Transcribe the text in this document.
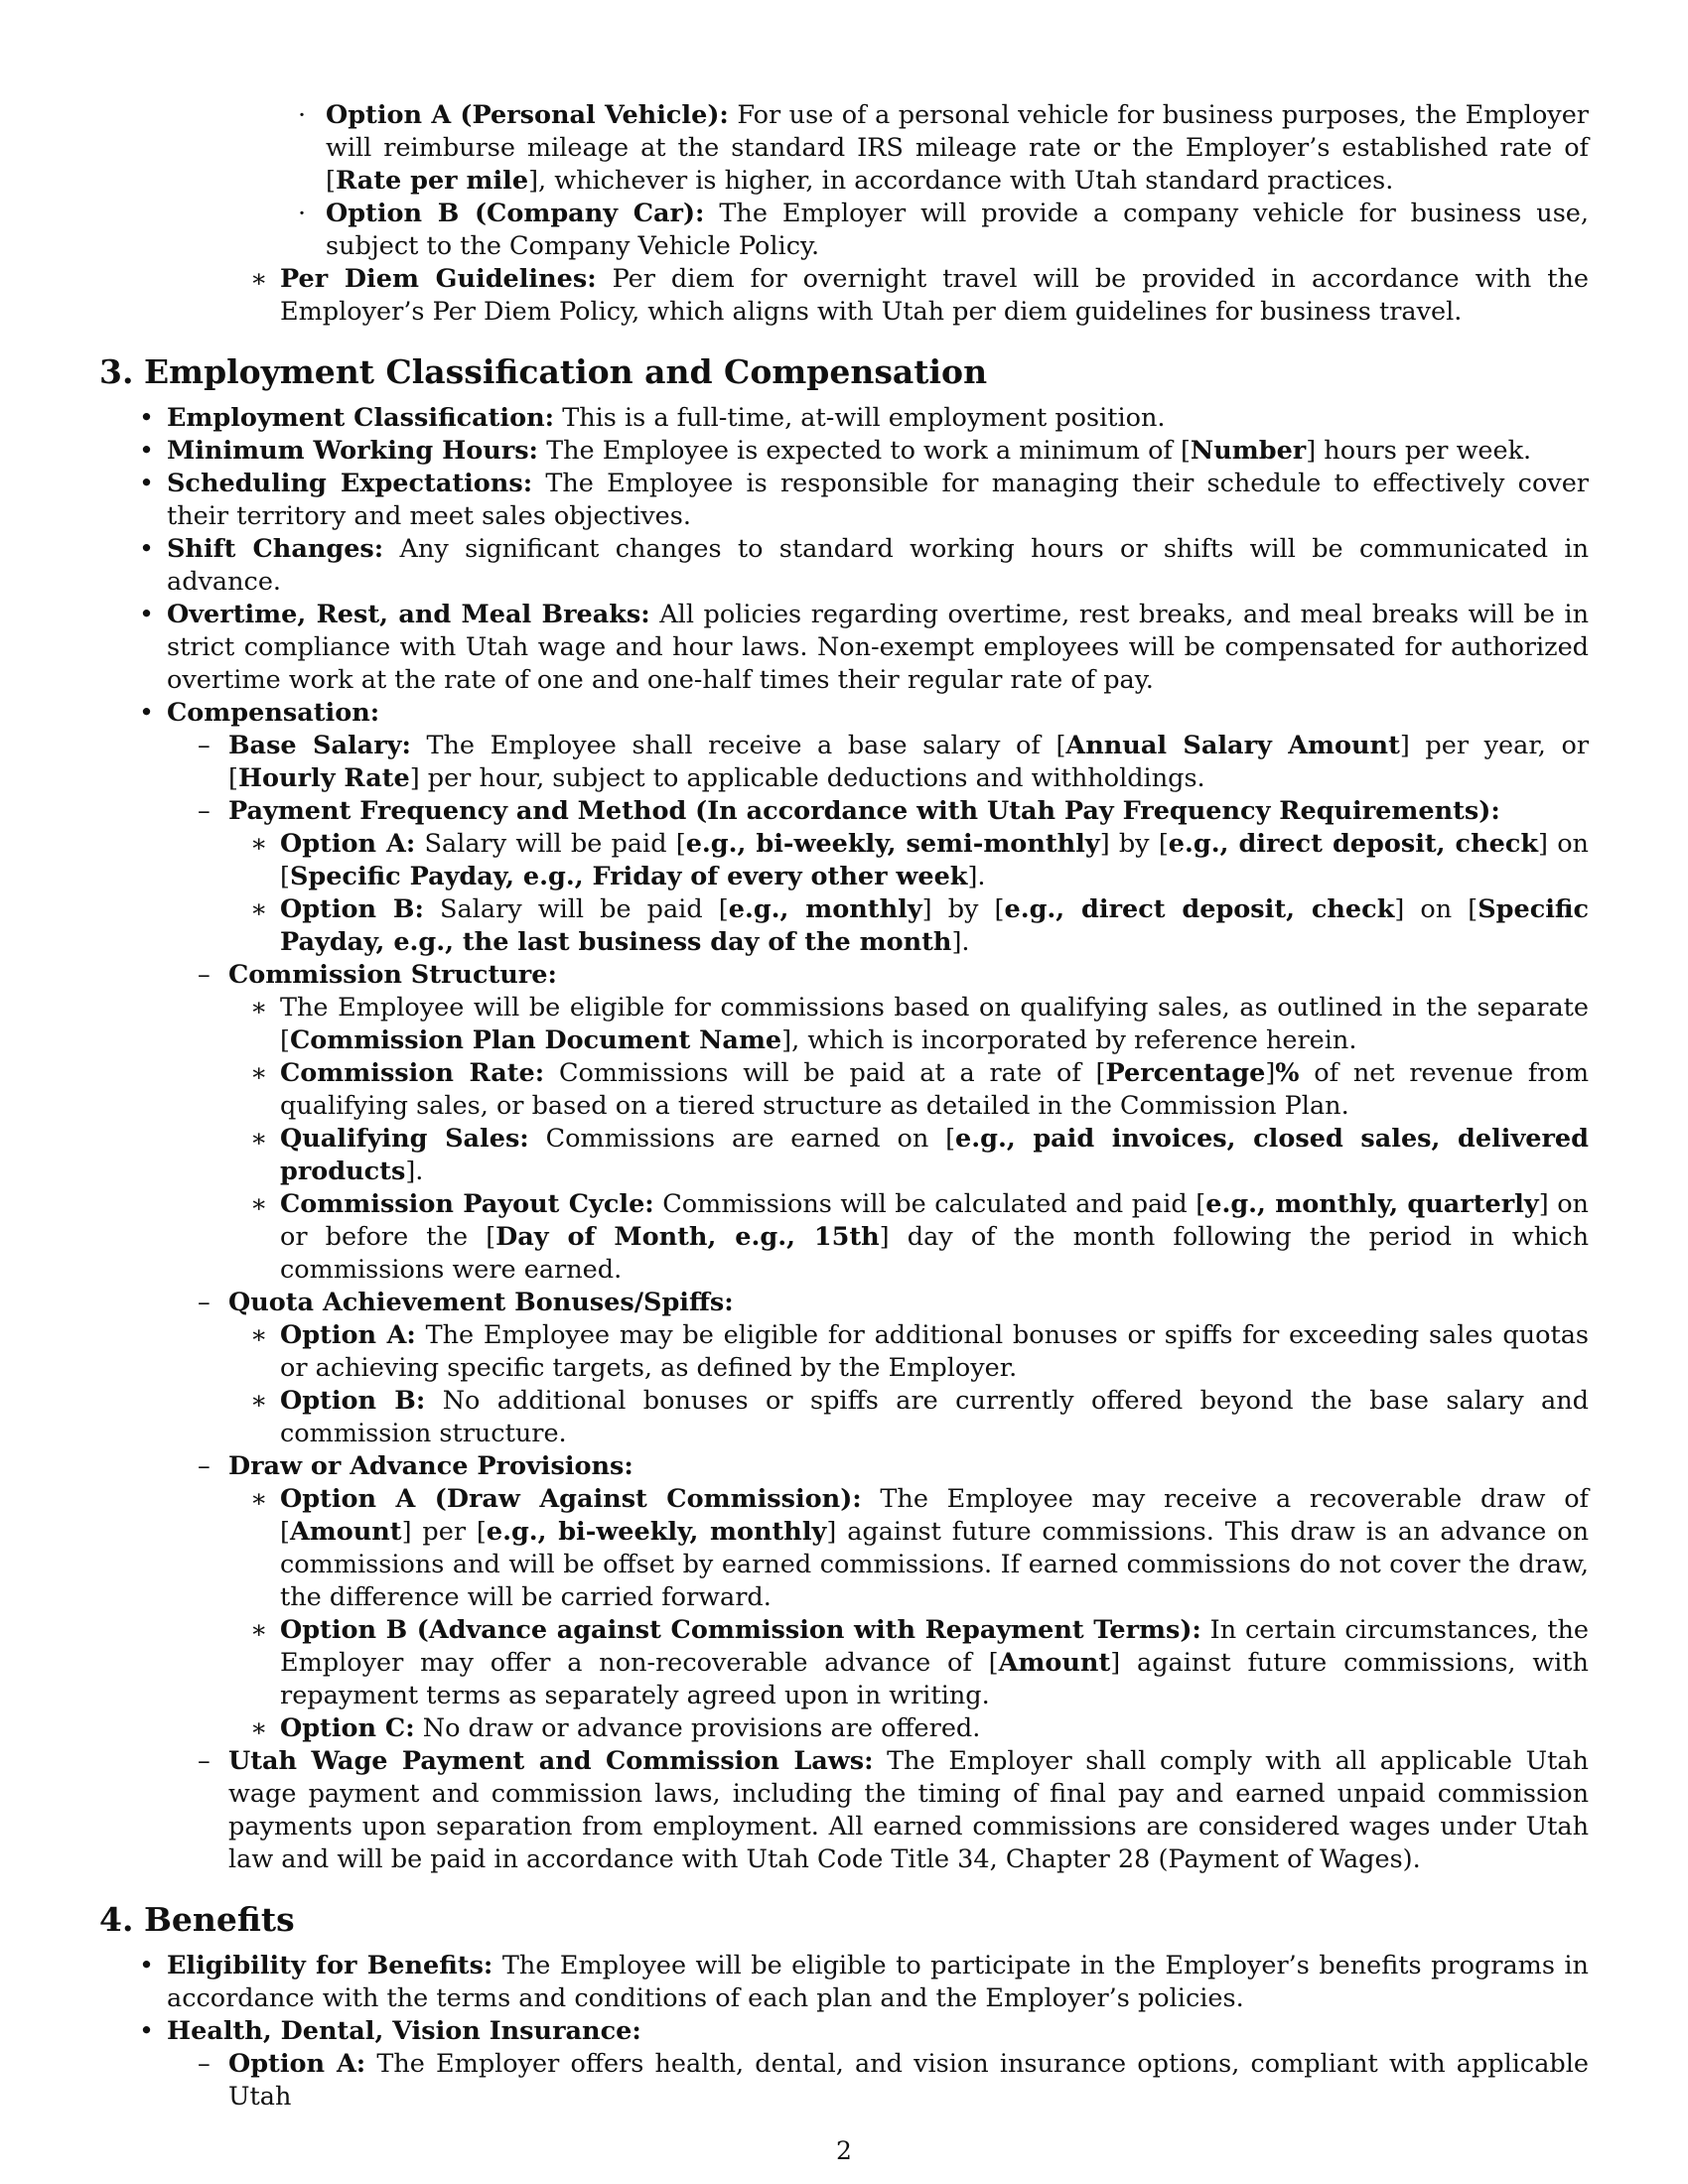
· Option A (Personal Vehicle): For use of a personal vehicle for business purposes, the Employer will reimburse mileage at the standard IRS mileage rate or the Employer’s established rate of [Rate per mile], whichever is higher, in accordance with Utah standard practices.
· Option B (Company Car): The Employer will provide a company vehicle for business use, subject to the Company Vehicle Policy.
∗ Per Diem Guidelines: Per diem for overnight travel will be provided in accordance with the Employer’s Per Diem Policy, which aligns with Utah per diem guidelines for business travel.
3. Employment Classification and Compensation
• Employment Classification: This is a full-time, at-will employment position.
• Minimum Working Hours: The Employee is expected to work a minimum of [Number] hours per week.
• Scheduling Expectations: The Employee is responsible for managing their schedule to effectively cover their territory and meet sales objectives.
• Shift Changes: Any significant changes to standard working hours or shifts will be communicated in advance.
• Overtime, Rest, and Meal Breaks: All policies regarding overtime, rest breaks, and meal breaks will be in strict compliance with Utah wage and hour laws. Non-exempt employees will be compensated for authorized overtime work at the rate of one and one-half times their regular rate of pay.
• Compensation:
– Base Salary: The Employee shall receive a base salary of [Annual Salary Amount] per year, or [Hourly Rate] per hour, subject to applicable deductions and withholdings.
– Payment Frequency and Method (In accordance with Utah Pay Frequency Requirements):
∗ Option A: Salary will be paid [e.g., bi-weekly, semi-monthly] by [e.g., direct deposit, check] on [Specific Payday, e.g., Friday of every other week].
∗ Option B: Salary will be paid [e.g., monthly] by [e.g., direct deposit, check] on [Specific Payday, e.g., the last business day of the month].
– Commission Structure:
∗ The Employee will be eligible for commissions based on qualifying sales, as outlined in the separate [Commission Plan Document Name], which is incorporated by reference herein.
∗ Commission Rate: Commissions will be paid at a rate of [Percentage]% of net revenue from qualifying sales, or based on a tiered structure as detailed in the Commission Plan.
∗ Qualifying Sales: Commissions are earned on [e.g., paid invoices, closed sales, delivered products].
∗ Commission Payout Cycle: Commissions will be calculated and paid [e.g., monthly, quarterly] on or before the [Day of Month, e.g., 15th] day of the month following the period in which commissions were earned.
– Quota Achievement Bonuses/Spiffs:
∗ Option A: The Employee may be eligible for additional bonuses or spiffs for exceeding sales quotas or achieving specific targets, as defined by the Employer.
∗ Option B: No additional bonuses or spiffs are currently offered beyond the base salary and commission structure.
– Draw or Advance Provisions:
∗ Option A (Draw Against Commission): The Employee may receive a recoverable draw of [Amount] per [e.g., bi-weekly, monthly] against future commissions. This draw is an advance on commissions and will be offset by earned commissions. If earned commissions do not cover the draw, the difference will be carried forward.
∗ Option B (Advance against Commission with Repayment Terms): In certain circumstances, the Employer may offer a non-recoverable advance of [Amount] against future commissions, with repayment terms as separately agreed upon in writing.
∗ Option C: No draw or advance provisions are offered.
– Utah Wage Payment and Commission Laws: The Employer shall comply with all applicable Utah wage payment and commission laws, including the timing of final pay and earned unpaid commission payments upon separation from employment. All earned commissions are considered wages under Utah law and will be paid in accordance with Utah Code Title 34, Chapter 28 (Payment of Wages).
4. Benefits
• Eligibility for Benefits: The Employee will be eligible to participate in the Employer’s benefits programs in accordance with the terms and conditions of each plan and the Employer’s policies.
• Health, Dental, Vision Insurance:
– Option A: The Employer offers health, dental, and vision insurance options, compliant with applicable Utah
2
